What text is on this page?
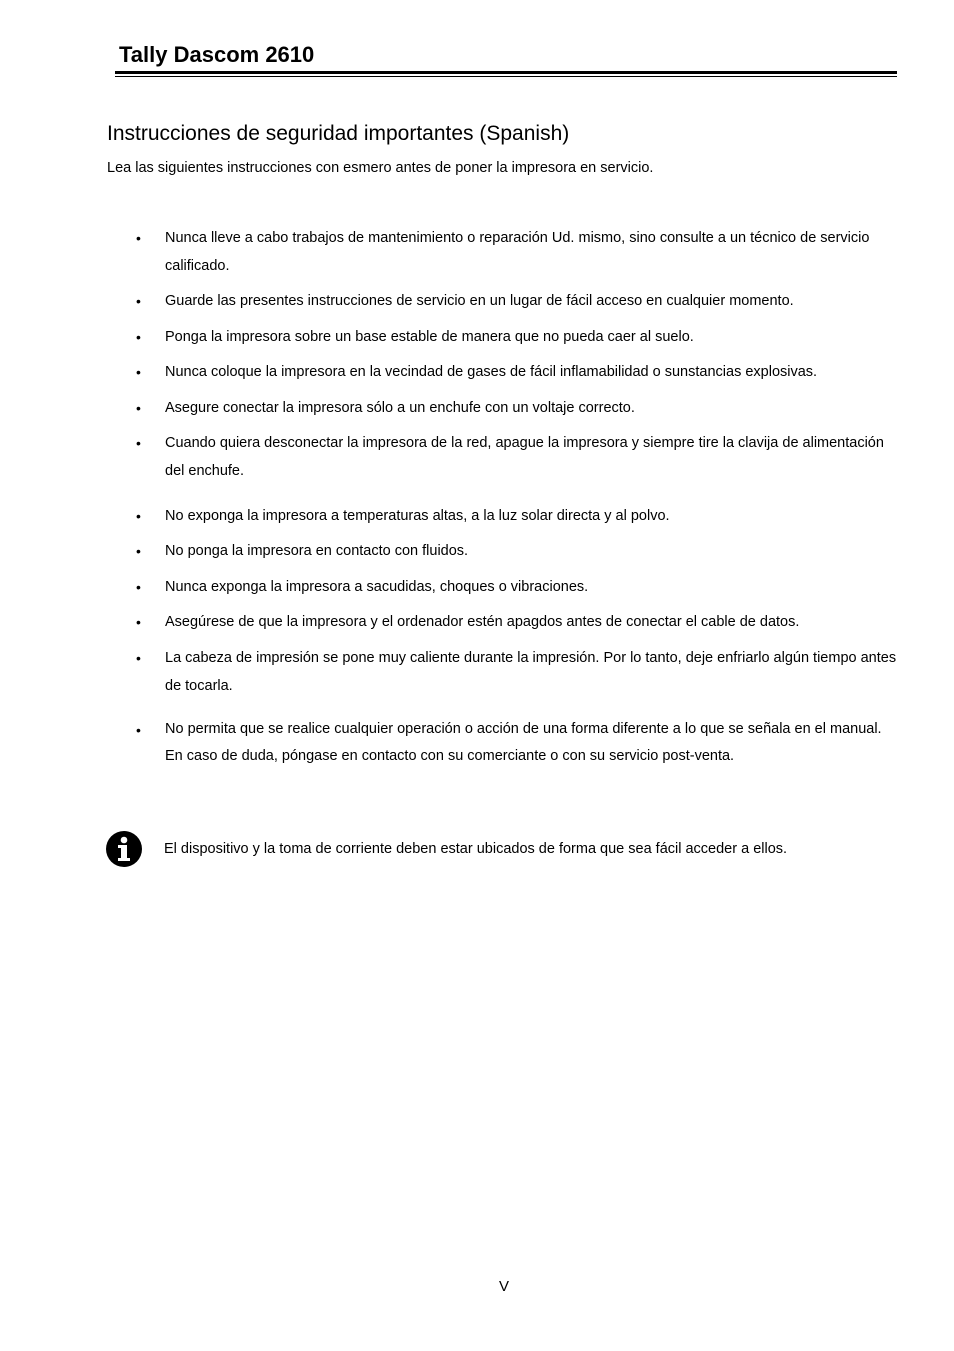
Tally Dascom 2610
Instrucciones de seguridad importantes (Spanish)

Lea las siguientes instrucciones con esmero antes de poner la impresora en servicio.

•	Nunca lleve a cabo trabajos de mantenimiento o reparación Ud. mismo, sino consulte a un técnico de servicio calificado.
•	Guarde las presentes instrucciones de servicio en un lugar de fácil acceso en cualquier momento.
•	Ponga la impresora sobre un base estable de manera que no pueda caer al suelo.
•	Nunca coloque la impresora en la vecindad de gases de fácil inflamabilidad o sunstancias explosivas.
•	Asegure conectar la impresora sólo a un enchufe con un voltaje correcto.
•	Cuando quiera desconectar la impresora de la red, apague la impresora y siempre tire la clavija de alimentación del enchufe.
•	No exponga la impresora a temperaturas altas, a la luz solar directa y al polvo.
•	No ponga la impresora en contacto con fluidos.
•	Nunca exponga la impresora a sacudidas, choques o vibraciones.
•	Asegúrese de que la impresora y el ordenador estén apagdos antes de conectar el cable de datos.
•	La cabeza de impresión se pone muy caliente durante la impresión. Por lo tanto, deje enfriarlo algún tiempo antes de tocarla.
•	No permita que se realice cualquier operación o acción de una forma diferente a lo que se señala en el manual. En caso de duda, póngase en contacto con su comerciante o con su servicio post-venta.

El dispositivo y la toma de corriente deben estar ubicados de forma que sea fácil acceder a ellos.

V
